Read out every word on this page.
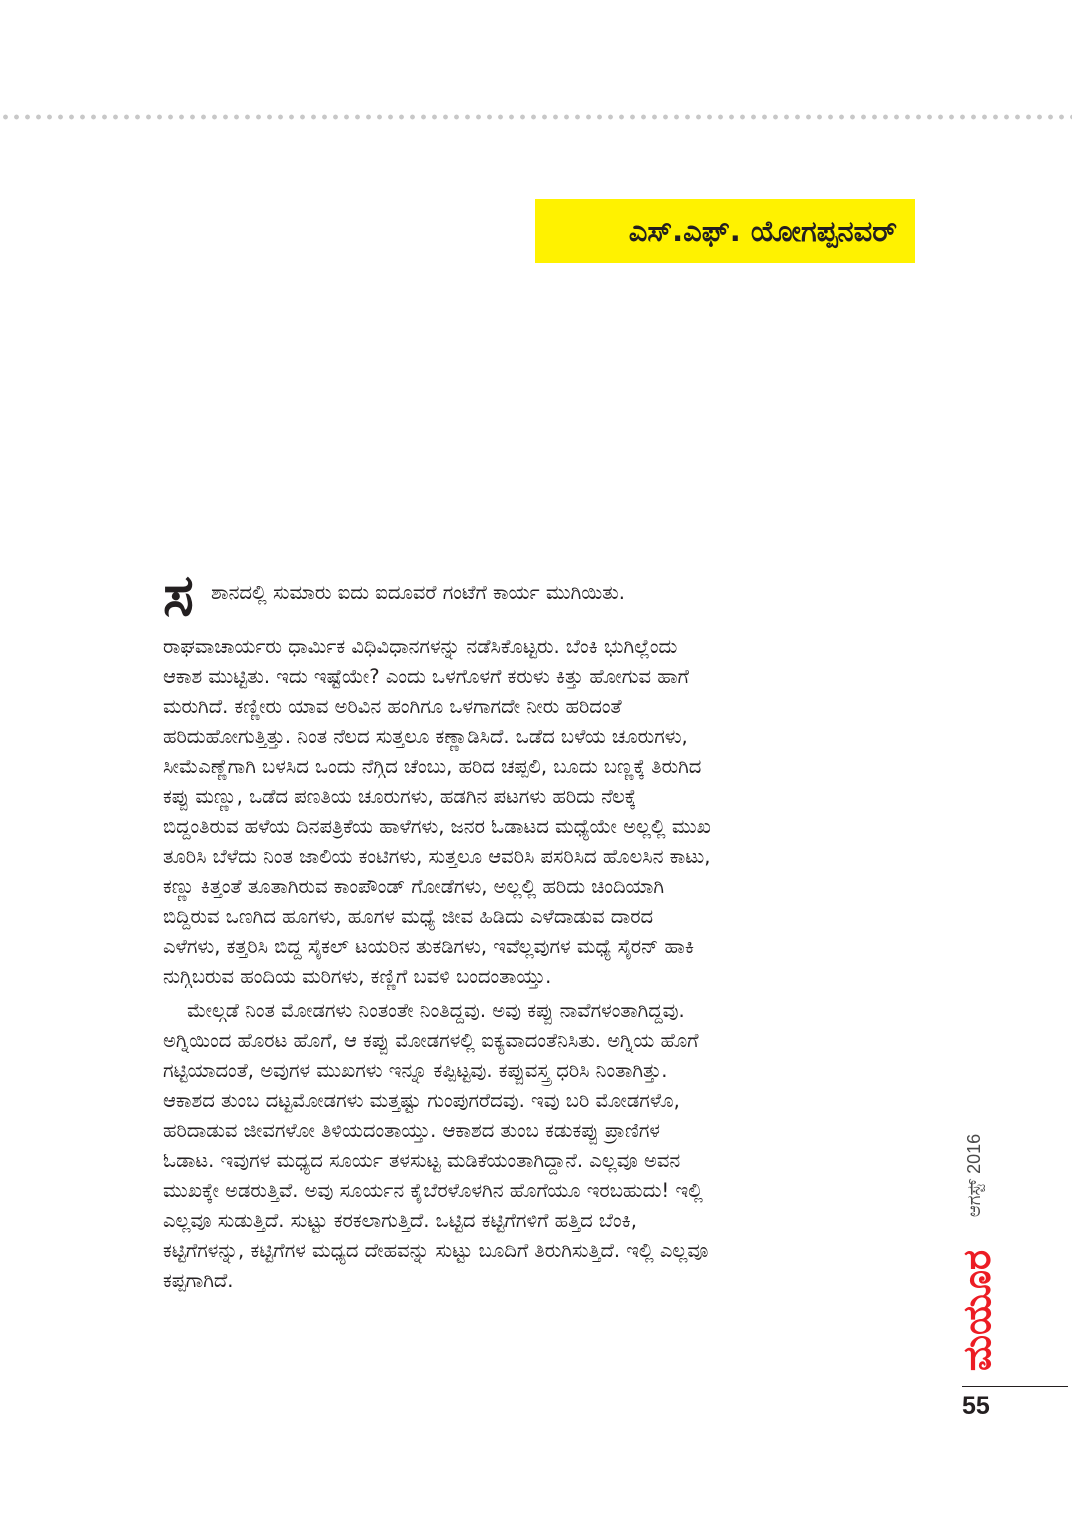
ಎಸ್.ಎಫ್. ಯೋಗಪ್ಪನವರ್
ಸ ಶಾನದಲ್ಲಿ ಸುಮಾರು ಐದು ಐದೂವರೆ ಗಂಟೆಗೆ ಕಾರ್ಯ ಮುಗಿಯಿತು.
ರಾಘವಾಚಾರ್ಯರು ಧಾರ್ಮಿಕ ವಿಧಿವಿಧಾನಗಳನ್ನು ನಡೆಸಿಕೊಟ್ಟರು. ಬೆಂಕಿ ಭುಗಿಲ್ಲೆಂದು
ಆಕಾಶ ಮುಟ್ಟಿತು. ಇದು ಇಷ್ಟೆಯೇ? ಎಂದು ಒಳಗೊಳಗೆ ಕರುಳು ಕಿತ್ತು ಹೋಗುವ ಹಾಗೆ
ಮರುಗಿದೆ. ಕಣ್ಣೀರು ಯಾವ ಅರಿವಿನ ಹಂಗಿಗೂ ಒಳಗಾಗದೇ ನೀರು ಹರಿದಂತೆ
ಹರಿದುಹೋಗುತ್ತಿತ್ತು. ನಿಂತ ನೆಲದ ಸುತ್ತಲೂ ಕಣ್ಣಾಡಿಸಿದೆ. ಒಡೆದ ಬಳೆಯ ಚೂರುಗಳು,
ಸೀಮೆಎಣ್ಣೆಗಾಗಿ ಬಳಸಿದ ಒಂದು ನೆಗ್ಗಿದ ಚೆಂಬು, ಹರಿದ ಚಪ್ಪಲಿ, ಬೂದು ಬಣ್ಣಕ್ಕೆ ತಿರುಗಿದ
ಕಪ್ಪು ಮಣ್ಣು, ಒಡೆದ ಪಣತಿಯ ಚೂರುಗಳು, ಹಡಗಿನ ಪಟಗಳು ಹರಿದು ನೆಲಕ್ಕೆ
ಬಿದ್ದಂತಿರುವ ಹಳೆಯ ದಿನಪತ್ರಿಕೆಯ ಹಾಳೆಗಳು, ಜನರ ಓಡಾಟದ ಮಧ್ಯೆಯೇ ಅಲ್ಲಲ್ಲಿ ಮುಖ
ತೂರಿಸಿ ಬೆಳೆದು ನಿಂತ ಜಾಲಿಯ ಕಂಟಿಗಳು, ಸುತ್ತಲೂ ಆವರಿಸಿ ಪಸರಿಸಿದ ಹೊಲಸಿನ ಕಾಟು,
ಕಣ್ಣು ಕಿತ್ತಂತೆ ತೂತಾಗಿರುವ ಕಾಂಪೌಂಡ್ ಗೋಡೆಗಳು, ಅಲ್ಲಲ್ಲಿ ಹರಿದು ಚಿಂದಿಯಾಗಿ
ಬಿದ್ದಿರುವ ಒಣಗಿದ ಹೂಗಳು, ಹೂಗಳ ಮಧ್ಯೆ ಜೀವ ಹಿಡಿದು ಎಳೆದಾಡುವ ದಾರದ
ಎಳೆಗಳು, ಕತ್ತರಿಸಿ ಬಿದ್ದ ಸೈಕಲ್ ಟಯರಿನ ತುಕಡಿಗಳು, ಇವೆಲ್ಲವುಗಳ ಮಧ್ಯೆ ಸೈರನ್ ಹಾಕಿ
ನುಗ್ಗಿಬರುವ ಹಂದಿಯ ಮರಿಗಳು, ಕಣ್ಣಿಗೆ ಬವಳಿ ಬಂದಂತಾಯ್ತು.
ಮೇಲ್ಗಡೆ ನಿಂತ ಮೋಡಗಳು ನಿಂತಂತೇ ನಿಂತಿದ್ದವು. ಅವು ಕಪ್ಪು ನಾವೆಗಳಂತಾಗಿದ್ದವು.
ಅಗ್ನಿಯಿಂದ ಹೊರಟ ಹೊಗೆ, ಆ ಕಪ್ಪು ಮೋಡಗಳಲ್ಲಿ ಐಕ್ಯವಾದಂತೆನಿಸಿತು. ಅಗ್ನಿಯ ಹೊಗೆ
ಗಟ್ಟಿಯಾದಂತೆ, ಅವುಗಳ ಮುಖಗಳು ಇನ್ನೂ ಕಪ್ಪಿಟ್ಟವು. ಕಪ್ಪುವಸ್ತ್ರ ಧರಿಸಿ ನಿಂತಾಗಿತ್ತು.
ಆಕಾಶದ ತುಂಬ ದಟ್ಟಮೋಡಗಳು ಮತ್ತಷ್ಟು ಗುಂಪುಗರೆದವು. ಇವು ಬರಿ ಮೋಡಗಳೊ,
ಹರಿದಾಡುವ ಜೀವಗಳೋ ತಿಳಿಯದಂತಾಯ್ತು. ಆಕಾಶದ ತುಂಬ ಕಡುಕಪ್ಪು ಪ್ರಾಣಿಗಳ
ಓಡಾಟ. ಇವುಗಳ ಮಧ್ಯದ ಸೂರ್ಯ ತಳಸುಟ್ಟ ಮಡಿಕೆಯಂತಾಗಿದ್ದಾನೆ. ಎಲ್ಲವೂ ಅವನ
ಮುಖಕ್ಕೇ ಅಡರುತ್ತಿವೆ. ಅವು ಸೂರ್ಯನ ಕೈಬೆರಳೊಳಗಿನ ಹೊಗೆಯೂ ಇರಬಹುದು! ಇಲ್ಲಿ
ಎಲ್ಲವೂ ಸುಡುತ್ತಿದೆ. ಸುಟ್ಟು ಕರಕಲಾಗುತ್ತಿದೆ. ಒಟ್ಟಿದ ಕಟ್ಟಿಗೆಗಳಿಗೆ ಹತ್ತಿದ ಬೆಂಕಿ,
ಕಟ್ಟಿಗೆಗಳನ್ನು, ಕಟ್ಟಿಗೆಗಳ ಮಧ್ಯದ ದೇಹವನ್ನು ಸುಟ್ಟು ಬೂದಿಗೆ ತಿರುಗಿಸುತ್ತಿದೆ. ಇಲ್ಲಿ ಎಲ್ಲವೂ
ಕಪ್ಪಗಾಗಿದೆ.
ಆಗಸ್ಟ್ 2016
ಮಯೂರ
55
